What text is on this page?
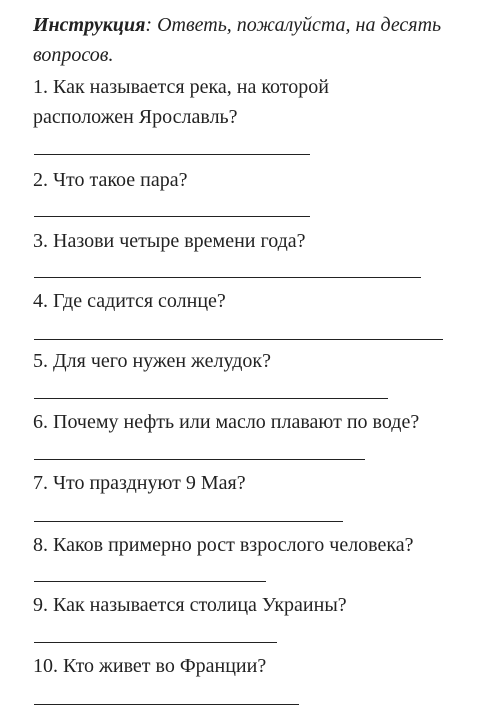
Инструкция: Ответь, пожалуйста, на десять вопросов.
1. Как называется река, на которой
расположен Ярославль?
2. Что такое пара?
3. Назови четыре времени года?
4. Где садится солнце?
5. Для чего нужен желудок?
6. Почему нефть или масло плавают по воде?
7. Что празднуют 9 Мая?
8. Каков примерно рост взрослого человека?
9. Как называется столица Украины?
10. Кто живет во Франции?
